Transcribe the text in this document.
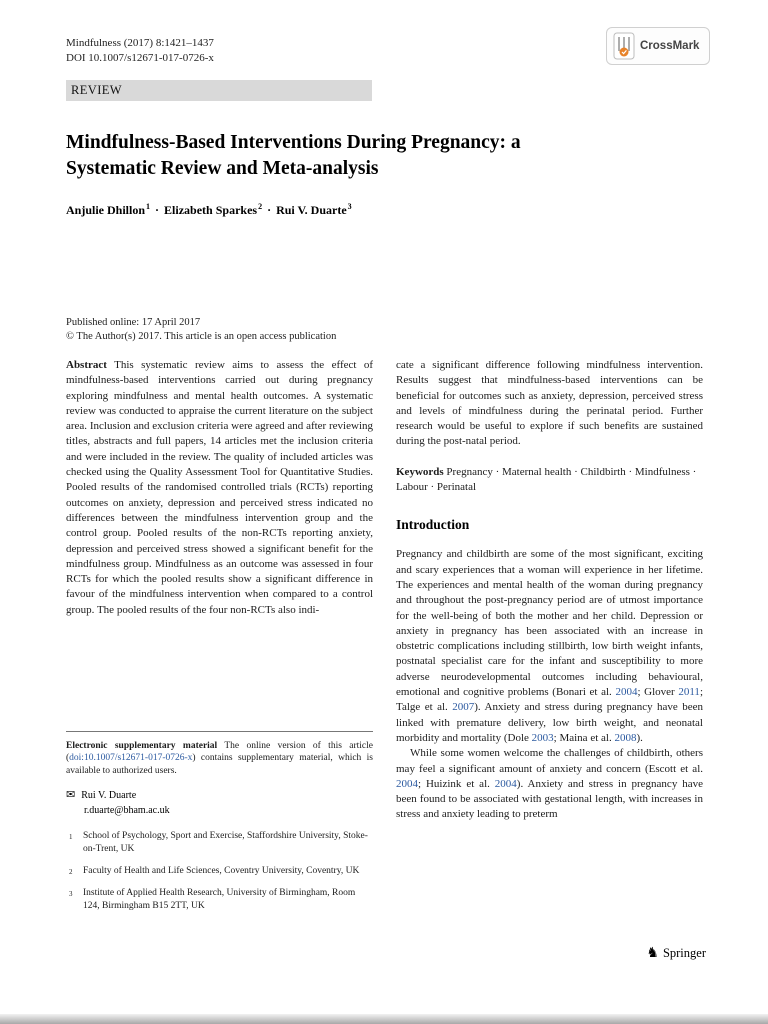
Mindfulness (2017) 8:1421–1437
DOI 10.1007/s12671-017-0726-x
CrossMark
REVIEW
Mindfulness-Based Interventions During Pregnancy: a Systematic Review and Meta-analysis
Anjulie Dhillon$^1$ · Elizabeth Sparkes$^2$ · Rui V. Duarte$^3$
Published online: 17 April 2017
© The Author(s) 2017. This article is an open access publication

Abstract This systematic review aims to assess the effect of mindfulness-based interventions carried out during pregnancy exploring mindfulness and mental health outcomes. A systematic review was conducted to appraise the current literature on the subject area. Inclusion and exclusion criteria were agreed and after reviewing titles, abstracts and full papers, 14 articles met the inclusion criteria and were included in the review. The quality of included articles was checked using the Quality Assessment Tool for Quantitative Studies. Pooled results of the randomised controlled trials (RCTs) reporting outcomes on anxiety, depression and perceived stress indicated no differences between the mindfulness intervention group and the control group. Pooled results of the non-RCTs reporting anxiety, depression and perceived stress showed a significant benefit for the mindfulness group. Mindfulness as an outcome was assessed in four RCTs for which the pooled results show a significant difference in favour of the mindfulness intervention when compared to a control group. The pooled results of the four non-RCTs also indi-

Electronic supplementary material The online version of this article (doi:10.1007/s12671-017-0726-x) contains supplementary material, which is available to authorized users.

✉ Rui V. Duarte
r.duarte@bham.ac.uk
1 School of Psychology, Sport and Exercise, Staffordshire University, Stoke-on-Trent, UK
2 Faculty of Health and Life Sciences, Coventry University, Coventry, UK
3 Institute of Applied Health Research, University of Birmingham, Room 124, Birmingham B15 2TT, UK

cate a significant difference following mindfulness intervention. Results suggest that mindfulness-based interventions can be beneficial for outcomes such as anxiety, depression, perceived stress and levels of mindfulness during the perinatal period. Further research would be useful to explore if such benefits are sustained during the post-natal period.

Keywords Pregnancy · Maternal health · Childbirth · Mindfulness · Labour · Perinatal

Introduction

Pregnancy and childbirth are some of the most significant, exciting and scary experiences that a woman will experience in her lifetime. The experiences and mental health of the woman during pregnancy and throughout the post-pregnancy period are of utmost importance for the well-being of both the mother and her child. Depression or anxiety in pregnancy has been associated with an increase in obstetric complications including stillbirth, low birth weight infants, postnatal specialist care for the infant and susceptibility to more adverse neurodevelopmental outcomes including behavioural, emotional and cognitive problems (Bonari et al. 2004; Glover 2011; Talge et al. 2007). Anxiety and stress during pregnancy have been linked with premature delivery, low birth weight, and neonatal morbidity and mortality (Dole 2003; Maina et al. 2008).

While some women welcome the challenges of childbirth, others may feel a significant amount of anxiety and concern (Escott et al. 2004; Huizink et al. 2004). Anxiety and stress in pregnancy have been found to be associated with gestational length, with increases in stress and anxiety leading to preterm

♞ Springer
